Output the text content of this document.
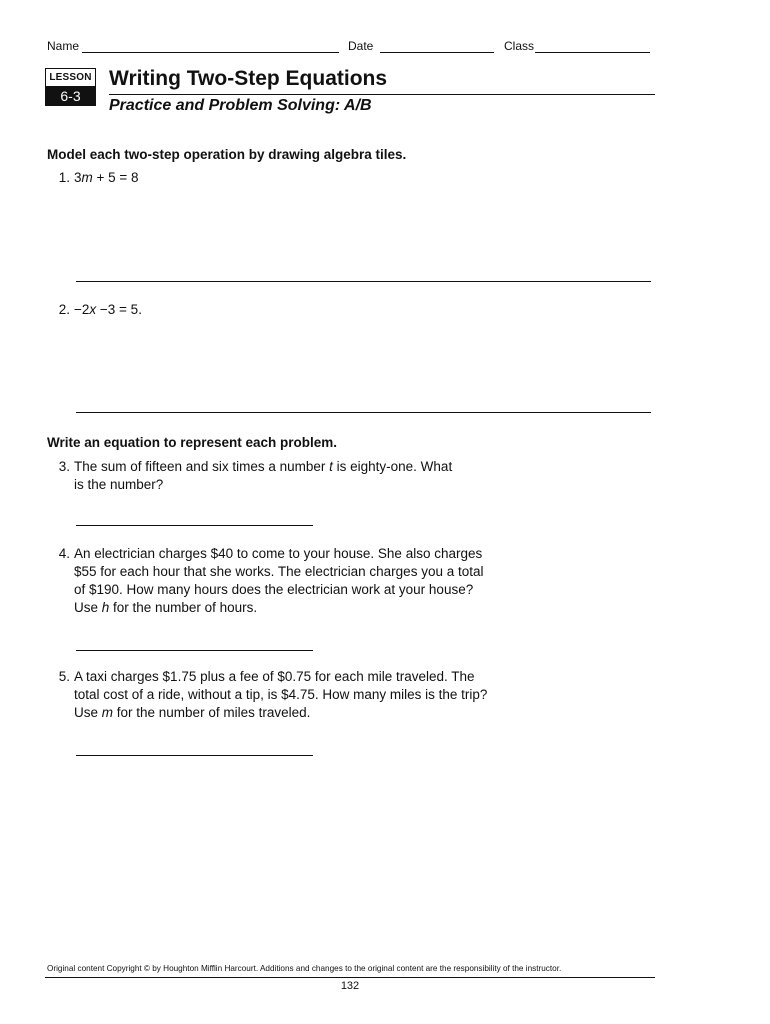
Name	Date	Class
LESSON
6-3
Writing Two-Step Equations
Practice and Problem Solving: A/B
Model each two-step operation by drawing algebra tiles.
1. 3m + 5 = 8
2. −2x −3 = 5.
Write an equation to represent each problem.
3. The sum of fifteen and six times a number t is eighty-one. What
is the number?
4. An electrician charges $40 to come to your house. She also charges
$55 for each hour that she works. The electrician charges you a total
of $190. How many hours does the electrician work at your house?
Use h for the number of hours.
5. A taxi charges $1.75 plus a fee of $0.75 for each mile traveled. The
total cost of a ride, without a tip, is $4.75. How many miles is the trip?
Use m for the number of miles traveled.
Original content Copyright © by Houghton Mifflin Harcourt. Additions and changes to the original content are the responsibility of the instructor.
132
